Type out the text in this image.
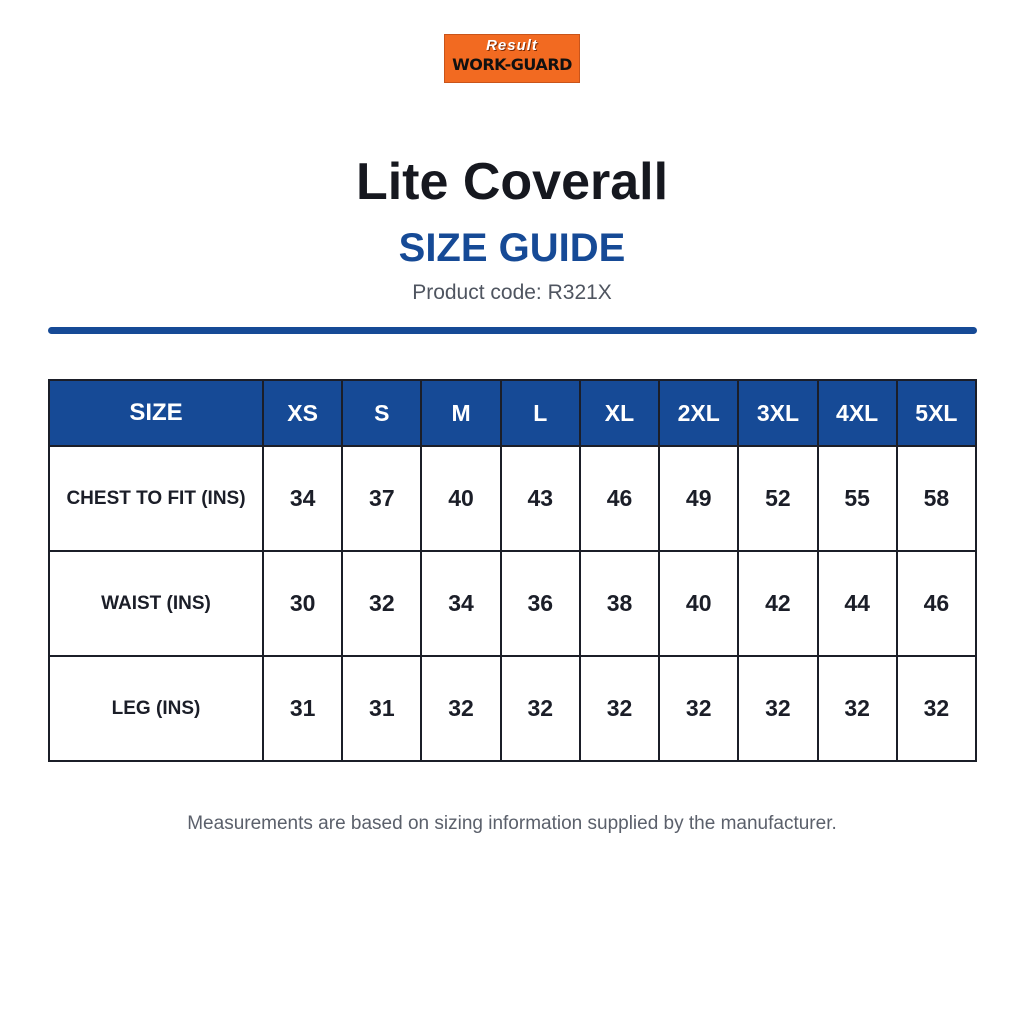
Result
WORK-GUARD
Lite Coverall
SIZE GUIDE
Product code: R321X
SIZE	XS	S	M	L	XL	2XL	3XL	4XL	5XL
CHEST TO FIT (INS)	34	37	40	43	46	49	52	55	58
WAIST (INS)	30	32	34	36	38	40	42	44	46
LEG (INS)	31	31	32	32	32	32	32	32	32
Measurements are based on sizing information supplied by the manufacturer.
